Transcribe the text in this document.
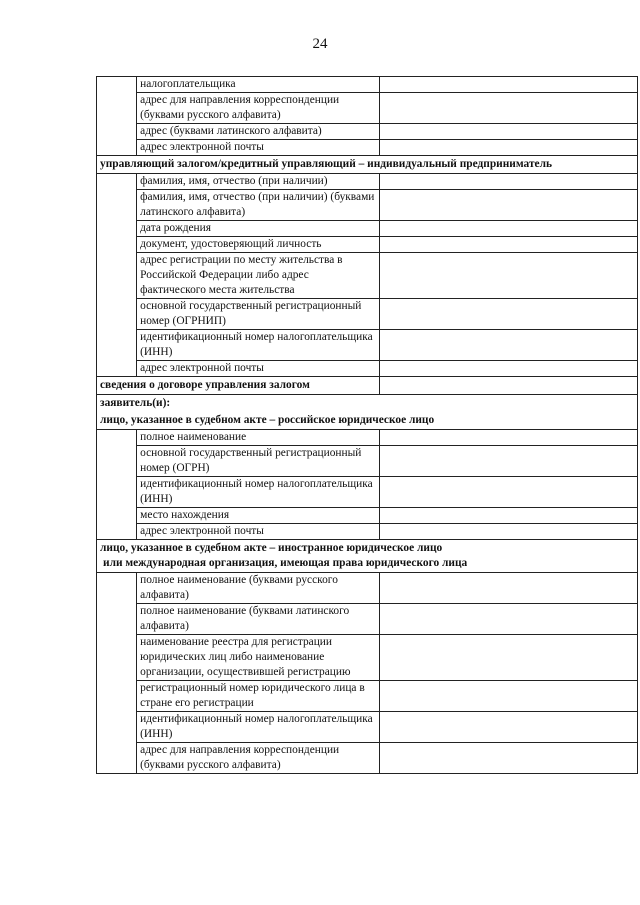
24
	налогоплательщика	
	адрес для направления корреспонденции (буквами русского алфавита)	
	адрес (буквами латинского алфавита)	
	адрес электронной почты	
управляющий залогом/кредитный управляющий – индивидуальный предприниматель		
	фамилия, имя, отчество (при наличии)	
	фамилия, имя, отчество (при наличии) (буквами латинского алфавита)	
	дата рождения	
	документ, удостоверяющий личность	
	адрес регистрации по месту жительства в Российской Федерации либо адрес фактического места жительства	
	основной государственный регистрационный номер (ОГРНИП)	
	идентификационный номер налогоплательщика (ИНН)	
	адрес электронной почты	
сведения о договоре управления залогом		
заявитель(и):		
лицо, указанное в судебном акте – российское юридическое лицо		
	полное наименование	
	основной государственный регистрационный номер (ОГРН)	
	идентификационный номер налогоплательщика (ИНН)	
	место нахождения	
	адрес электронной почты	

лицо, указанное в судебном акте – иностранное юридическое лицо
или международная организация, имеющая права юридического лица		

	полное наименование (буквами русского алфавита)	
	полное наименование (буквами латинского алфавита)	
	наименование реестра для регистрации юридических лиц либо наименование организации, осуществившей регистрацию	
	регистрационный номер юридического лица в стране его регистрации	
	идентификационный номер налогоплательщика (ИНН)	
	адрес для направления корреспонденции (буквами русского алфавита)	
